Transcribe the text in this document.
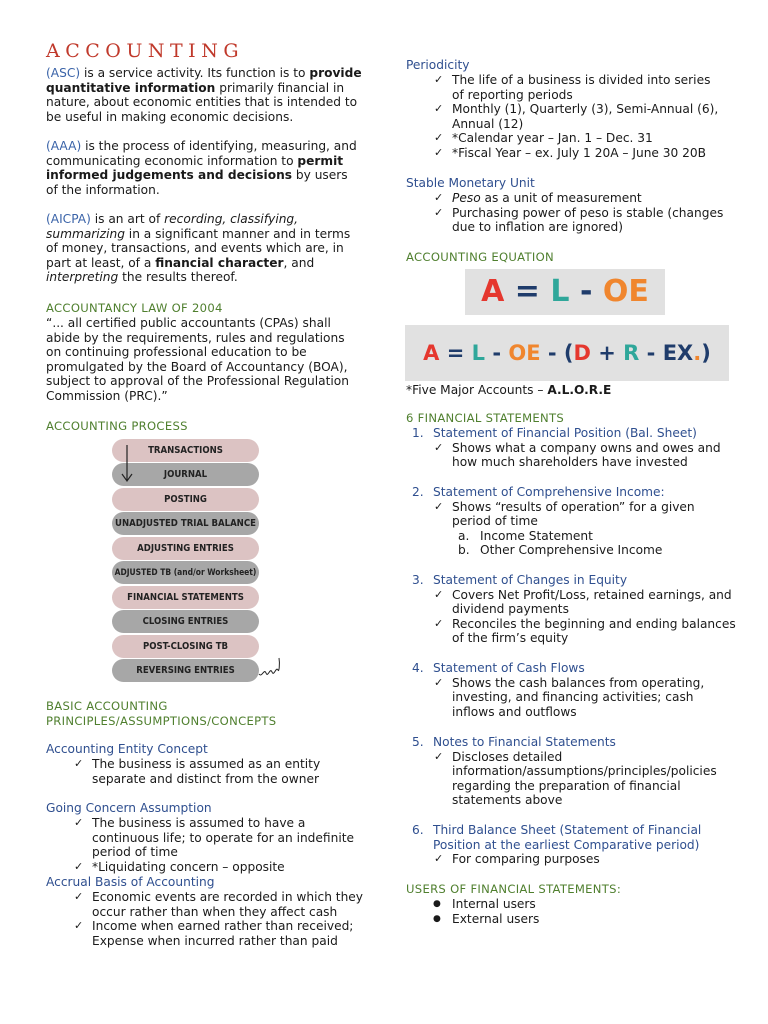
ACCOUNTING

(ASC) is a service activity. Its function is to provide quantitative information primarily financial in nature, about economic entities that is intended to be useful in making economic decisions.

(AAA) is the process of identifying, measuring, and communicating economic information to permit informed judgements and decisions by users of the information.

(AICPA) is an art of recording, classifying, summarizing in a significant manner and in terms of money, transactions, and events which are, in part at least, of a financial character, and interpreting the results thereof.

ACCOUNTANCY LAW OF 2004
“... all certified public accountants (CPAs) shall abide by the requirements, rules and regulations on continuing professional education to be promulgated by the Board of Accountancy (BOA), subject to approval of the Professional Regulation Commission (PRC).”
ACCOUNTING PROCESS
TRANSACTIONS
JOURNAL
POSTING
UNADJUSTED TRIAL BALANCE
ADJUSTING ENTRIES
ADJUSTED TB (and/or Worksheet)
FINANCIAL STATEMENTS
CLOSING ENTRIES
POST-CLOSING TB
REVERSING ENTRIES
BASIC ACCOUNTING
PRINCIPLES/ASSUMPTIONS/CONCEPTS
Accounting Entity Concept
✓ The business is assumed as an entity separate and distinct from the owner
Going Concern Assumption
✓ The business is assumed to have a continuous life; to operate for an indefinite period of time
✓ *Liquidating concern – opposite
Accrual Basis of Accounting
✓ Economic events are recorded in which they occur rather than when they affect cash
✓ Income when earned rather than received; Expense when incurred rather than paid
Periodicity
✓ The life of a business is divided into series of reporting periods
✓ Monthly (1), Quarterly (3), Semi-Annual (6), Annual (12)
✓ *Calendar year – Jan. 1 – Dec. 31
✓ *Fiscal Year – ex. July 1 20A – June 30 20B
Stable Monetary Unit
✓ Peso as a unit of measurement
✓ Purchasing power of peso is stable (changes due to inflation are ignored)
ACCOUNTING EQUATION
A = L - OE
A = L - OE - (D + R - EX.)
*Five Major Accounts – A.L.O.R.E
6 FINANCIAL STATEMENTS
1. Statement of Financial Position (Bal. Sheet)
✓ Shows what a company owns and owes and how much shareholders have invested
2. Statement of Comprehensive Income:
✓ Shows “results of operation” for a given period of time
a. Income Statement
b. Other Comprehensive Income
3. Statement of Changes in Equity
✓ Covers Net Profit/Loss, retained earnings, and dividend payments
✓ Reconciles the beginning and ending balances of the firm’s equity
4. Statement of Cash Flows
✓ Shows the cash balances from operating, investing, and financing activities; cash inflows and outflows
5. Notes to Financial Statements
✓ Discloses detailed information/assumptions/principles/policies regarding the preparation of financial statements above
6. Third Balance Sheet (Statement of Financial Position at the earliest Comparative period)
✓ For comparing purposes
USERS OF FINANCIAL STATEMENTS:
● Internal users
● External users
